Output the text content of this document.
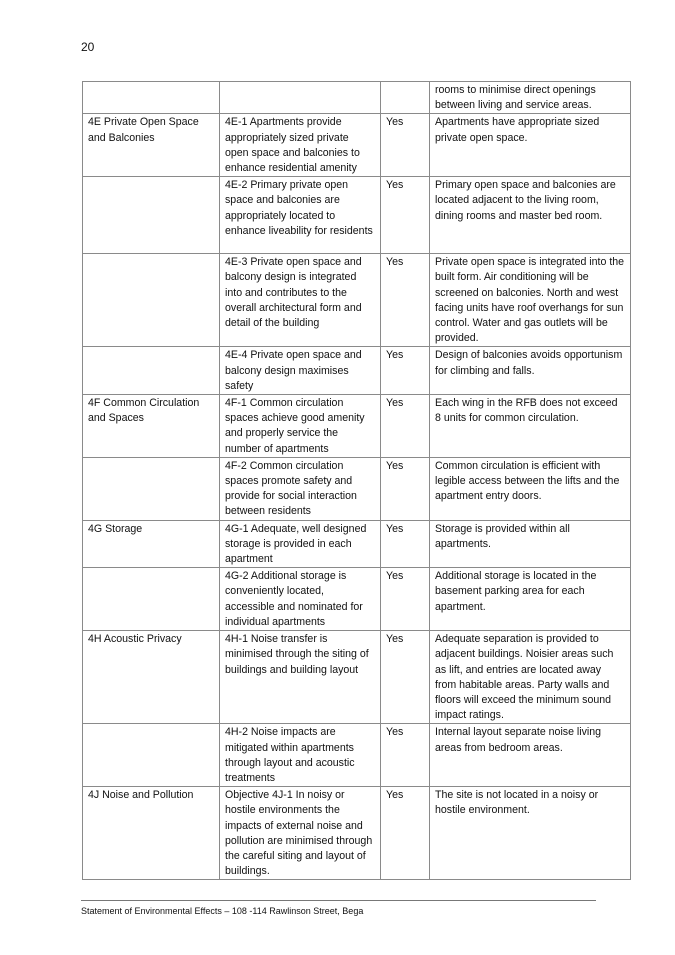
20
			rooms to minimise direct openings between living and service areas.
4E Private Open Space and Balconies	4E-1 Apartments provide appropriately sized private open space and balconies to enhance residential amenity	Yes	Apartments have appropriate sized private open space.
	4E-2 Primary private open space and balconies are appropriately located to enhance liveability for residents	Yes	Primary open space and balconies are located adjacent to the living room, dining rooms and master bed room.
	4E-3 Private open space and balcony design is integrated into and contributes to the overall architectural form and detail of the building	Yes	Private open space is integrated into the built form. Air conditioning will be screened on balconies. North and west facing units have roof overhangs for sun control. Water and gas outlets will be provided.
	4E-4 Private open space and balcony design maximises safety	Yes	Design of balconies avoids opportunism for climbing and falls.
4F Common Circulation and Spaces	4F-1 Common circulation spaces achieve good amenity and properly service the number of apartments	Yes	Each wing in the RFB does not exceed 8 units for common circulation.
	4F-2 Common circulation spaces promote safety and provide for social interaction between residents	Yes	Common circulation is efficient with legible access between the lifts and the apartment entry doors.
4G Storage	4G-1 Adequate, well designed storage is provided in each apartment	Yes	Storage is provided within all apartments.
	4G-2 Additional storage is conveniently located, accessible and nominated for individual apartments	Yes	Additional storage is located in the basement parking area for each apartment.
4H Acoustic Privacy	4H-1 Noise transfer is minimised through the siting of buildings and building layout	Yes	Adequate separation is provided to adjacent buildings. Noisier areas such as lift, and entries are located away from habitable areas. Party walls and floors will exceed the minimum sound impact ratings.
	4H-2 Noise impacts are mitigated within apartments through layout and acoustic treatments	Yes	Internal layout separate noise living areas from bedroom areas.
4J Noise and Pollution	Objective 4J-1 In noisy or hostile environments the impacts of external noise and pollution are minimised through the careful siting and layout of buildings.	Yes	The site is not located in a noisy or hostile environment.
Statement of Environmental Effects – 108 -114 Rawlinson Street, Bega
